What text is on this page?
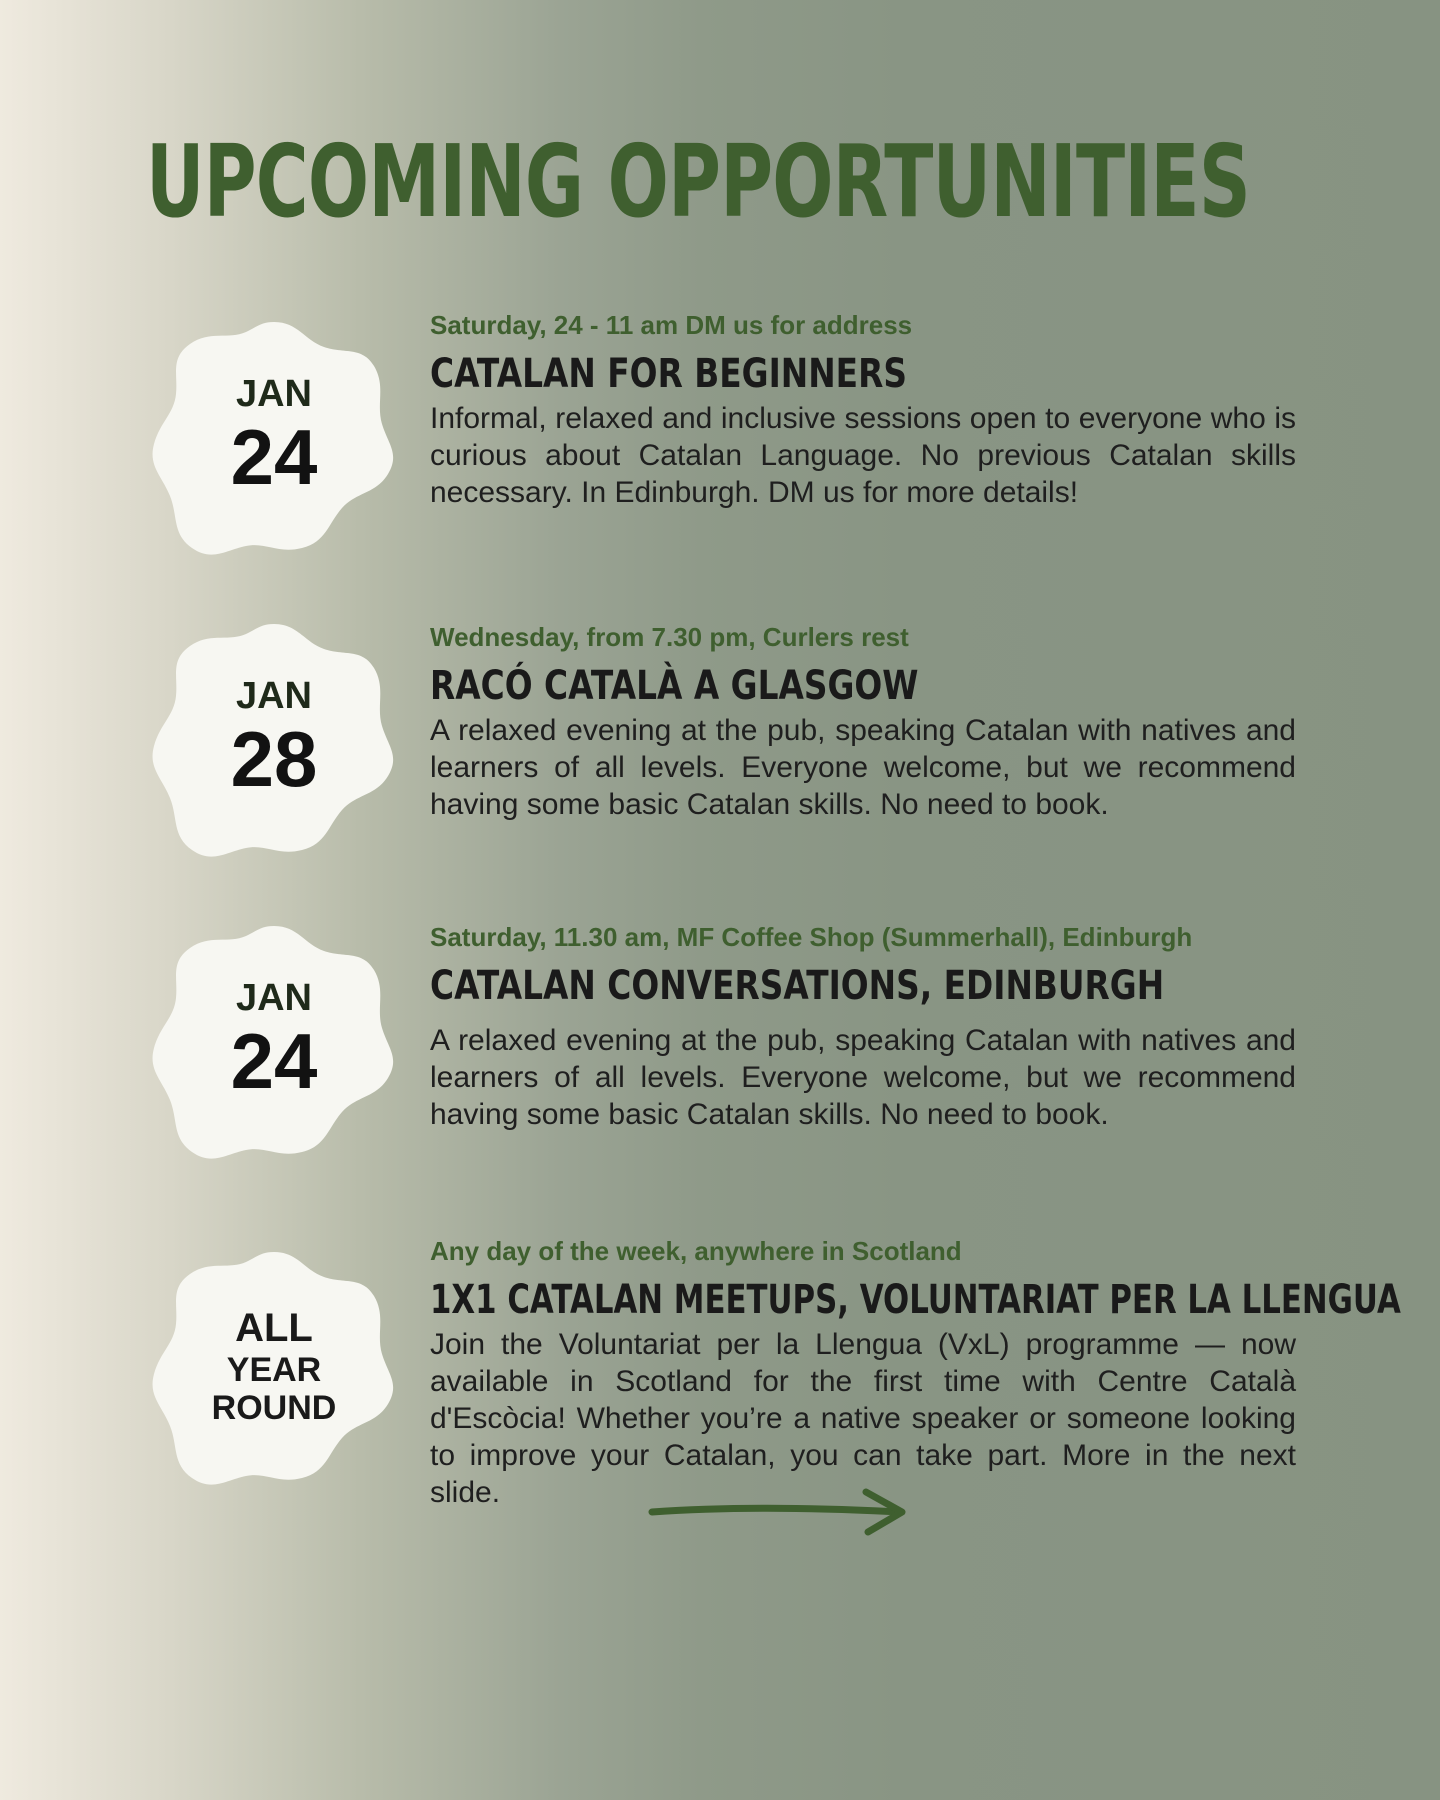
UPCOMING OPPORTUNITIES
JAN
24
Saturday, 24 - 11 am DM us for address
CATALAN FOR BEGINNERS
Informal, relaxed and inclusive sessions open to everyone who is curious about Catalan Language. No previous Catalan skills necessary. In Edinburgh. DM us for more details!
JAN
28
Wednesday, from 7.30 pm, Curlers rest
RACÓ CATALÀ A GLASGOW
A relaxed evening at the pub, speaking Catalan with natives and learners of all levels. Everyone welcome, but we recommend having some basic Catalan skills. No need to book.
JAN
24
Saturday, 11.30 am, MF Coffee Shop (Summerhall), Edinburgh
CATALAN CONVERSATIONS, EDINBURGH
A relaxed evening at the pub, speaking Catalan with natives and learners of all levels. Everyone welcome, but we recommend having some basic Catalan skills. No need to book.
ALL
YEAR
ROUND
Any day of the week, anywhere in Scotland
1X1 CATALAN MEETUPS, VOLUNTARIAT PER LA LLENGUA
Join the Voluntariat per la Llengua (VxL) programme — now available in Scotland for the first time with Centre Català d'Escòcia! Whether you’re a native speaker or someone looking to improve your Catalan, you can take part. More in the next slide.
